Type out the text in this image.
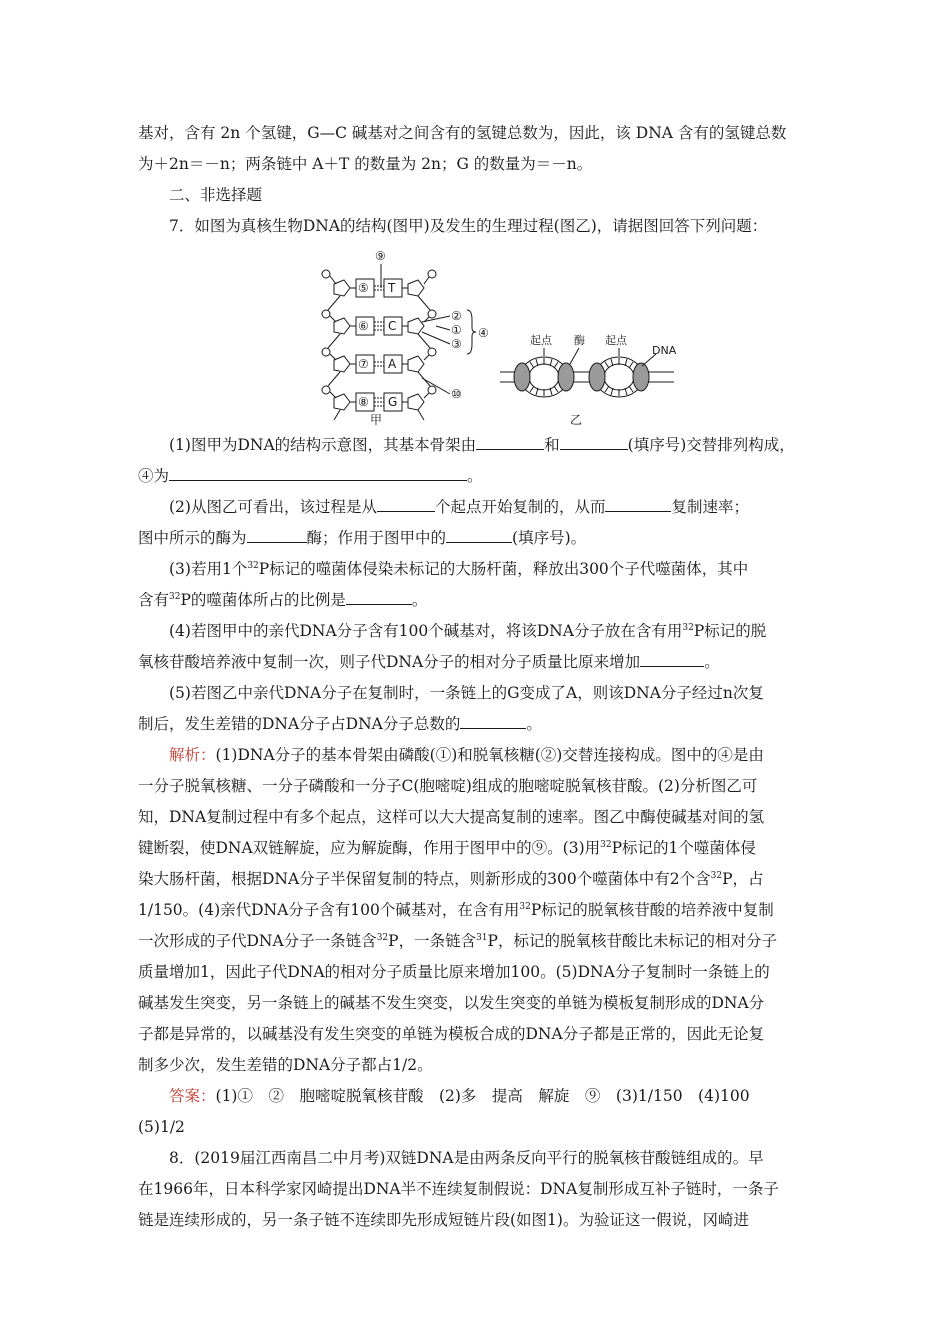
基对，含有 2n 个氢键，G—C 碱基对之间含有的氢键总数为，因此，该 DNA 含有的氢键总数
为＋2n＝－n；两条链中 A＋T 的数量为 2n；G 的数量为＝－n。
二、非选择题
7．如图为真核生物DNA的结构(图甲)及发生的生理过程(图乙)，请据图回答下列问题：
⑤
⑥
⑦
⑧
T
C
A
G
⑨
②
①
③
④
⑩
甲
起点 酶 起点
DNA
乙
(1)图甲为DNA的结构示意图，其基本骨架由	和	(填序号)交替排列构成，
④为	。
(2)从图乙可看出，该过程是从	个起点开始复制的，从而	复制速率；
图中所示的酶为	酶；作用于图甲中的	(填序号)。
(3)若用1个$^{32}$P标记的噬菌体侵染未标记的大肠杆菌，释放出300个子代噬菌体，其中
含有$^{32}$P的噬菌体所占的比例是	。
(4)若图甲中的亲代DNA分子含有100个碱基对，将该DNA分子放在含有用$^{32}$P标记的脱
氧核苷酸培养液中复制一次，则子代DNA分子的相对分子质量比原来增加	。
(5)若图乙中亲代DNA分子在复制时，一条链上的G变成了A，则该DNA分子经过n次复
制后，发生差错的DNA分子占DNA分子总数的	。
解析：(1)DNA分子的基本骨架由磷酸(①)和脱氧核糖(②)交替连接构成。图中的④是由
一分子脱氧核糖、一分子磷酸和一分子C(胞嘧啶)组成的胞嘧啶脱氧核苷酸。(2)分析图乙可
知，DNA复制过程中有多个起点，这样可以大大提高复制的速率。图乙中酶使碱基对间的氢
键断裂，使DNA双链解旋，应为解旋酶，作用于图甲中的⑨。(3)用$^{32}$P标记的1个噬菌体侵
染大肠杆菌，根据DNA分子半保留复制的特点，则新形成的300个噬菌体中有2个含$^{32}$P，占
1/150。(4)亲代DNA分子含有100个碱基对，在含有用$^{32}$P标记的脱氧核苷酸的培养液中复制
一次形成的子代DNA分子一条链含$^{32}$P，一条链含$^{31}$P，标记的脱氧核苷酸比未标记的相对分子
质量增加1，因此子代DNA的相对分子质量比原来增加100。(5)DNA分子复制时一条链上的
碱基发生突变，另一条链上的碱基不发生突变，以发生突变的单链为模板复制形成的DNA分
子都是异常的，以碱基没有发生突变的单链为模板合成的DNA分子都是正常的，因此无论复
制多少次，发生差错的DNA分子都占1/2。
答案：(1)①　②　胞嘧啶脱氧核苷酸　(2)多　提高　解旋　⑨　(3)1/150　(4)100
(5)1/2
8．(2019届江西南昌二中月考)双链DNA是由两条反向平行的脱氧核苷酸链组成的。早
在1966年，日本科学家冈崎提出DNA半不连续复制假说：DNA复制形成互补子链时，一条子
链是连续形成的，另一条子链不连续即先形成短链片段(如图1)。为验证这一假说，冈崎进
